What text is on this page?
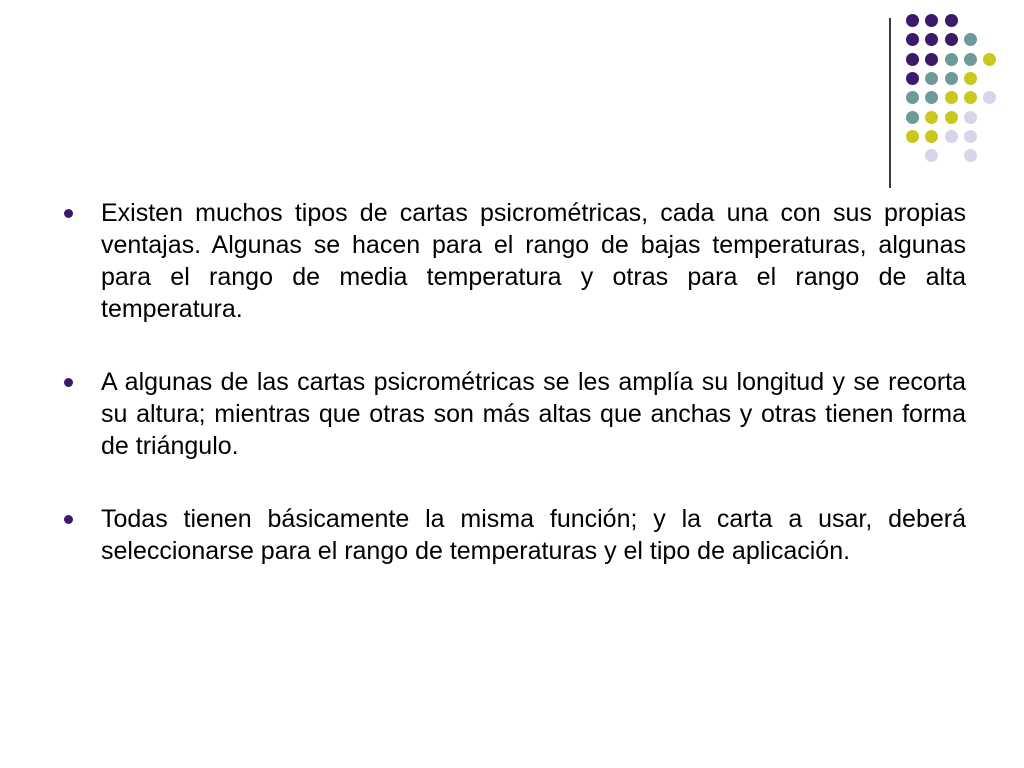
Existen muchos tipos de cartas psicrométricas, cada una con sus propias ventajas. Algunas se hacen para el rango de bajas temperaturas, algunas para el rango de media temperatura y otras para el rango de alta temperatura.
A algunas de las cartas psicrométricas se les amplía su longitud y se recorta su altura; mientras que otras son más altas que anchas y otras tienen forma de triángulo.
Todas tienen básicamente la misma función; y la carta a usar, deberá seleccionarse para el rango de temperaturas y el tipo de aplicación.
